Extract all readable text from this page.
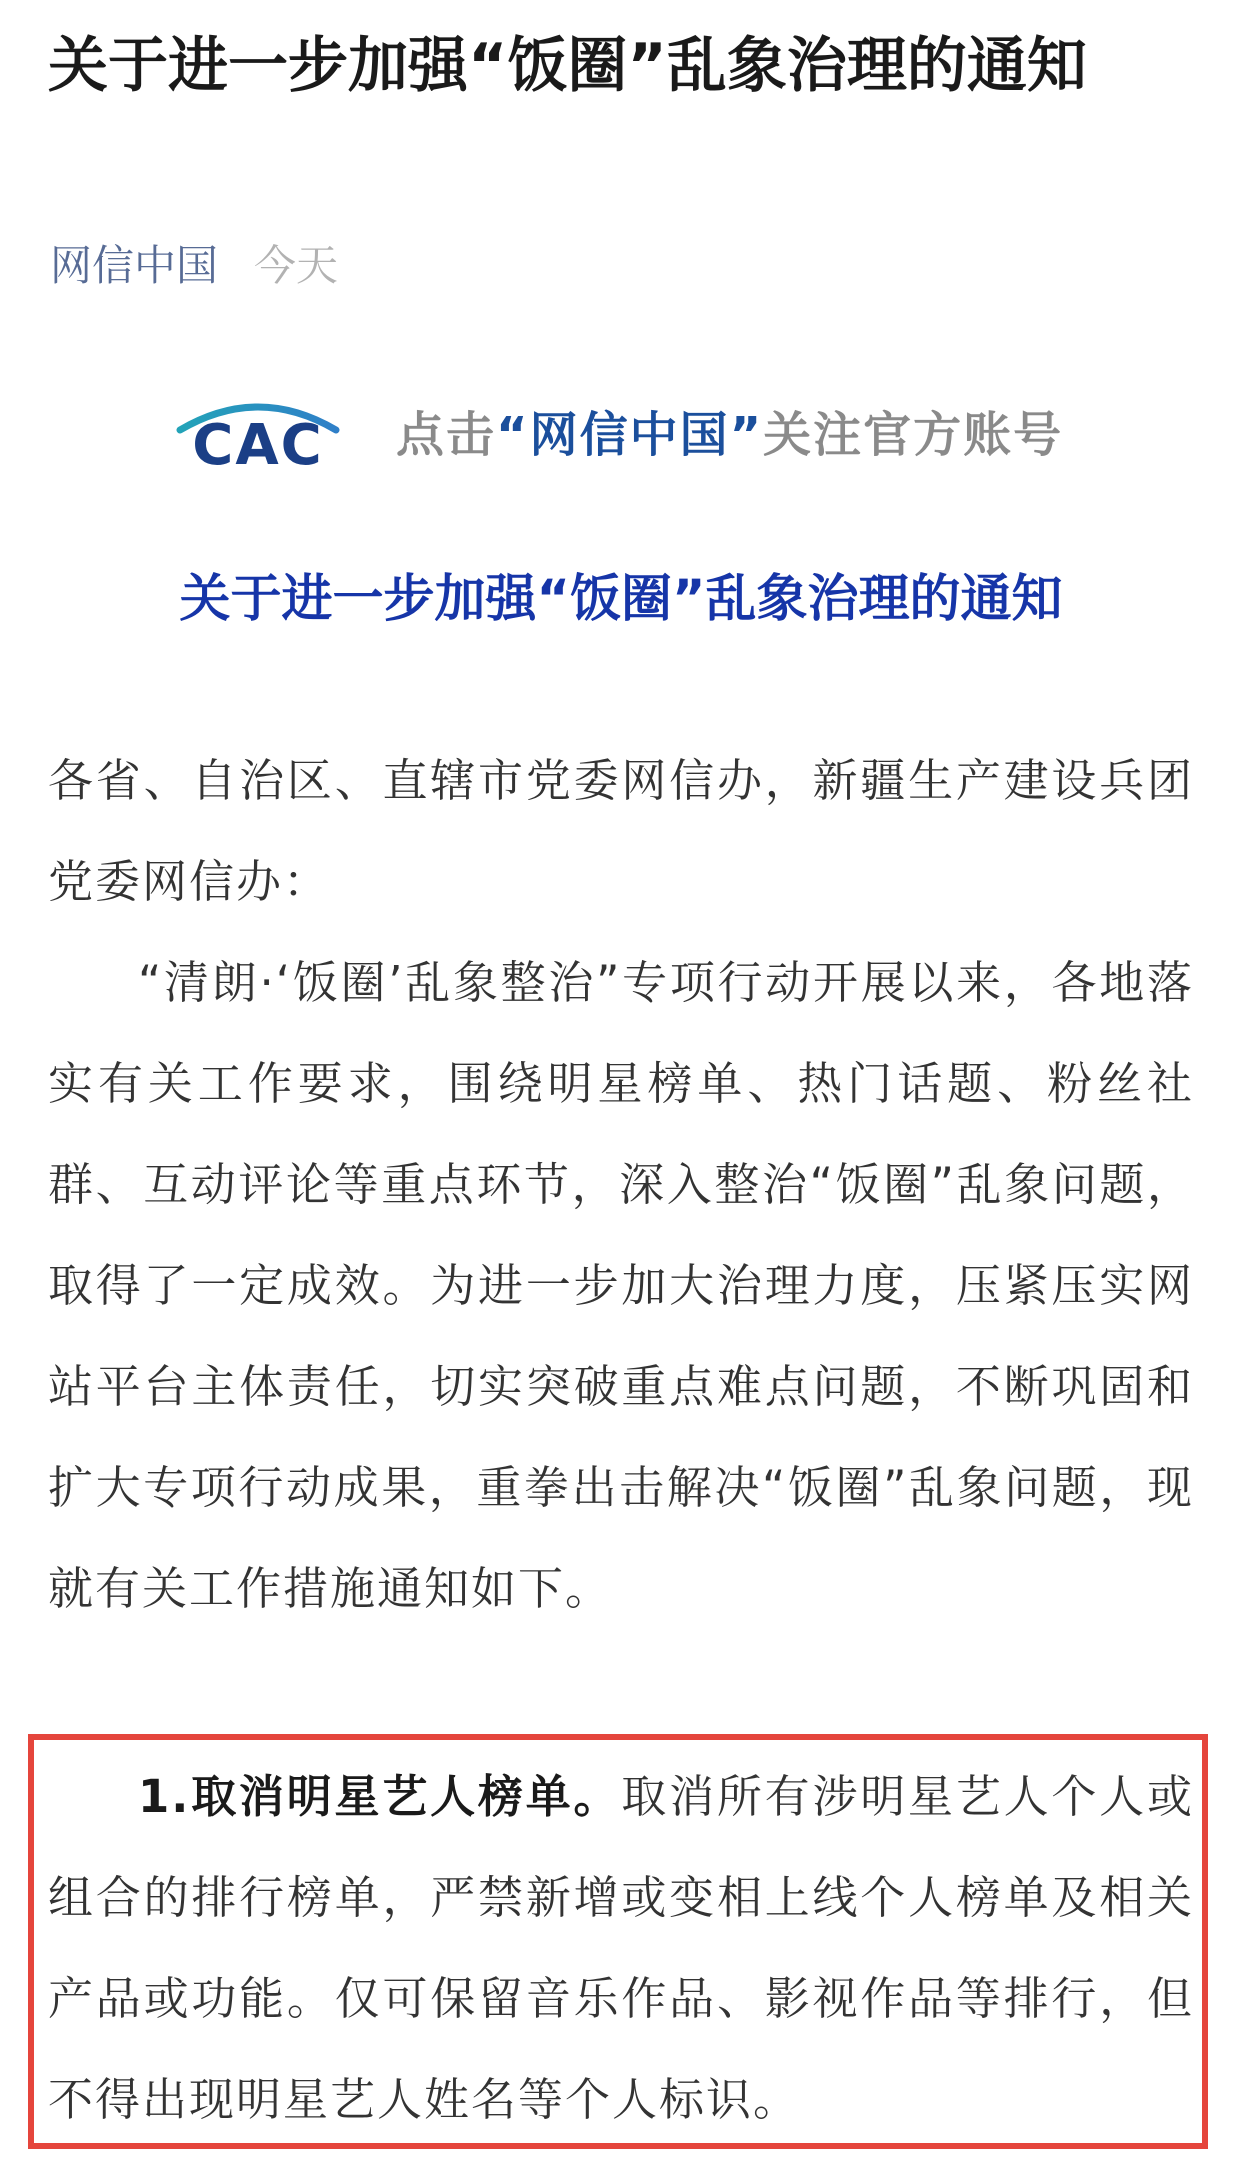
关于进一步加强“饭圈”乱象治理的通知
网信中国 今天
CAC 点击“网信中国”关注官方账号
关于进一步加强“饭圈”乱象治理的通知

各省、自治区、直辖市党委网信办，新疆生产建设兵团党委网信办：

“清朗·‘饭圈’乱象整治”专项行动开展以来，各地落实有关工作要求，围绕明星榜单、热门话题、粉丝社群、互动评论等重点环节，深入整治“饭圈”乱象问题，取得了一定成效。为进一步加大治理力度，压紧压实网站平台主体责任，切实突破重点难点问题，不断巩固和扩大专项行动成果，重拳出击解决“饭圈”乱象问题，现就有关工作措施通知如下。

1.取消明星艺人榜单。取消所有涉明星艺人个人或组合的排行榜单，严禁新增或变相上线个人榜单及相关产品或功能。仅可保留音乐作品、影视作品等排行，但不得出现明星艺人姓名等个人标识。
